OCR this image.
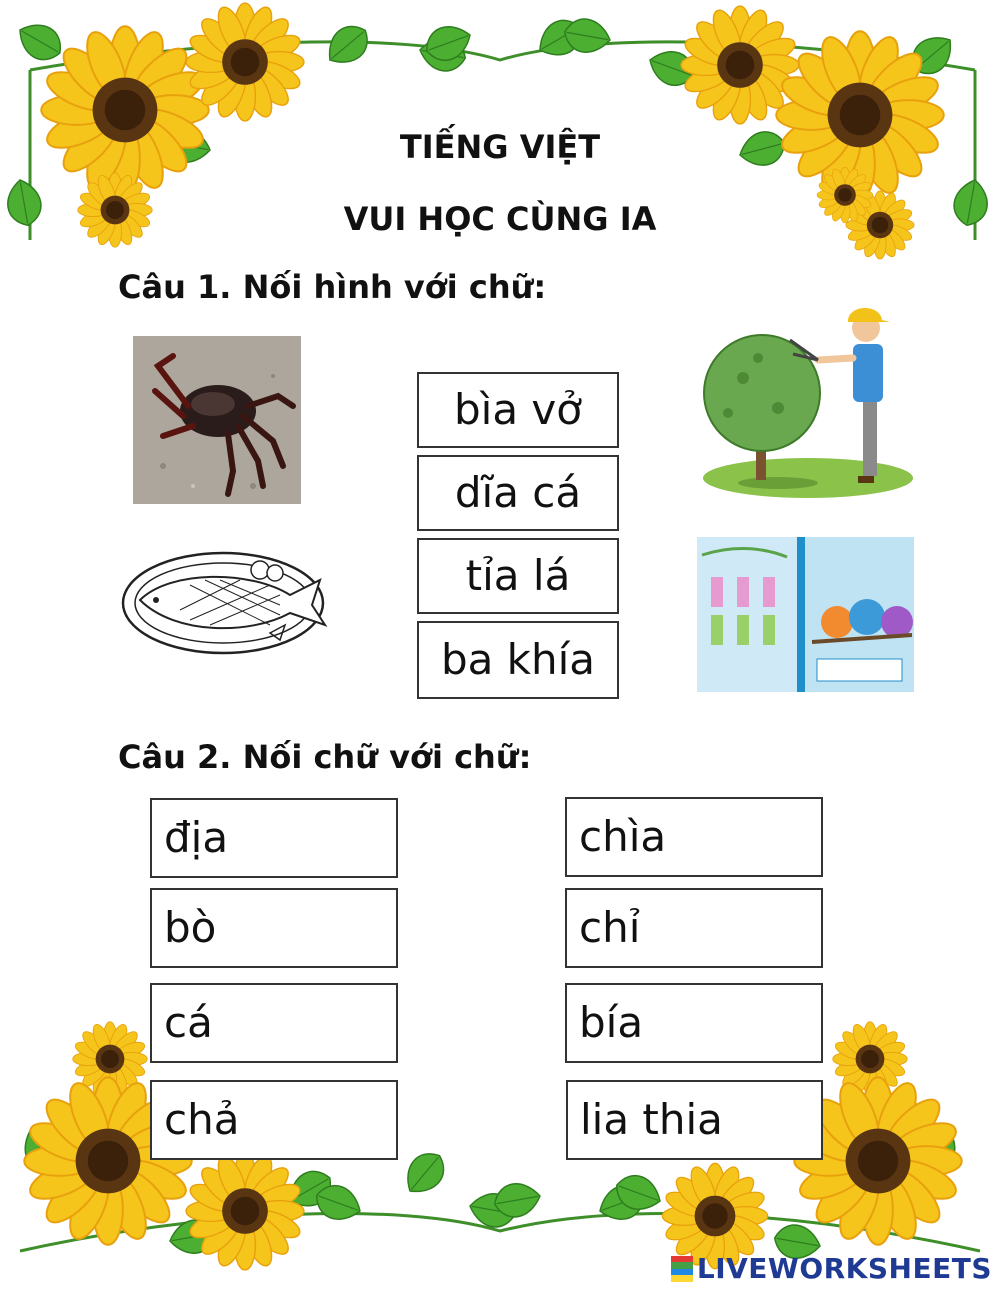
TIẾNG VIỆT
VUI HỌC CÙNG IA
Câu 1. Nối hình với chữ:
bìa vở
dĩa cá
tỉa lá
ba khía
Câu 2. Nối chữ với chữ:
địa
bò
cá
chả
chìa
chỉ
bía
lia thia
LIVEWORKSHEETS
